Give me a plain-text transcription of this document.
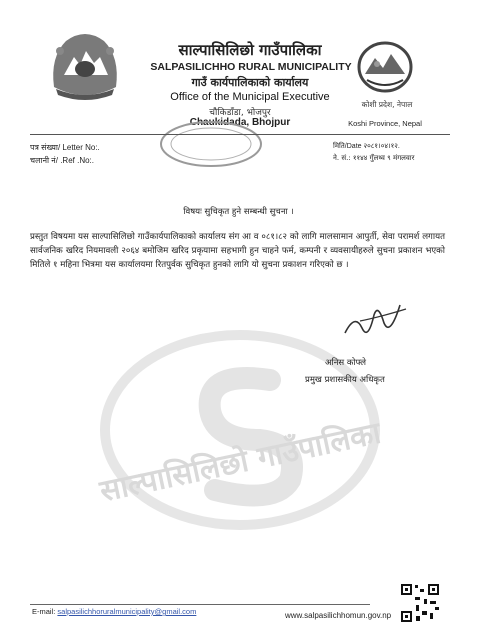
साल्पासिलिछो गाउँपालिका
SALPASILICHHO RURAL MUNICIPALITY
गाउँ कार्यपालिकाको कार्यालय
Office of the Municipal Executive
चौकिडाँडा, भोजपुर
Chaukidada, Bhojpur
कोशी प्रदेश, नेपाल
Koshi Province, Nepal
पत्र संख्या/ Letter No:.
चलानी नं/ .Ref .No:.
मिति/Date २०८१।०४।१२.
ने. सं.: ११४४ गुँलथ्व ९ मंगलवार
साल्पासिलिछो गाउँपालिका
विषयः सुचिकृत हुने सम्बन्धी सुचना ।
प्रस्तुत विषयमा यस साल्पासिलिछो गाउँकार्यपालिकाको कार्यालय संग आ व ०८१।८२ को लागि मालसामान आपुर्ती, सेवा परामर्श लगायत सार्वजनिक खरिद नियमावली २०६४ बमोजिम खरिद प्रकृयामा सहभागी हुन चाहने फर्म, कम्पनी र व्यवसायीहरुले सुचना प्रकाशन भएको मितिले १ महिना भित्रमा यस कार्यालयमा रितपुर्वक सुचिकृत हुनको लागि यो सुचना प्रकाशन गरिएको छ ।
अनिस कोफ्ले
प्रमुख प्रशासकीय अधिकृत
E-mail: salpasilichhoruralmunicipality@gmail.com	www.salpasilichhomun.gov.np
